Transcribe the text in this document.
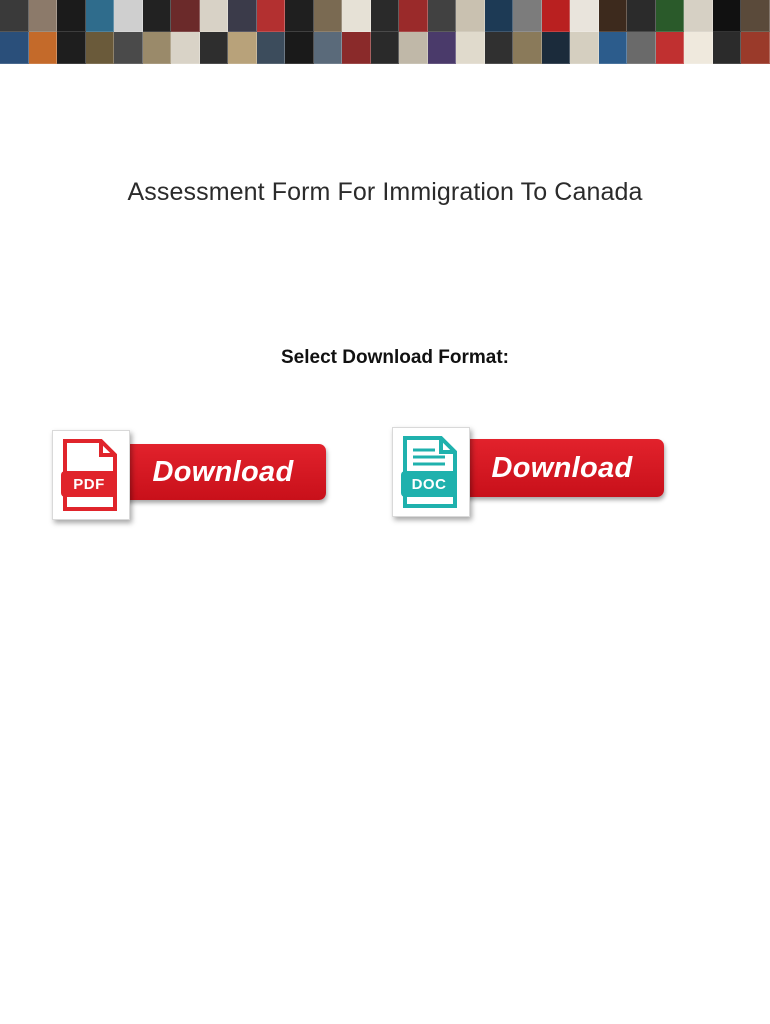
Assessment Form For Immigration To Canada
Select Download Format:
Download
PDF
Download
DOC
